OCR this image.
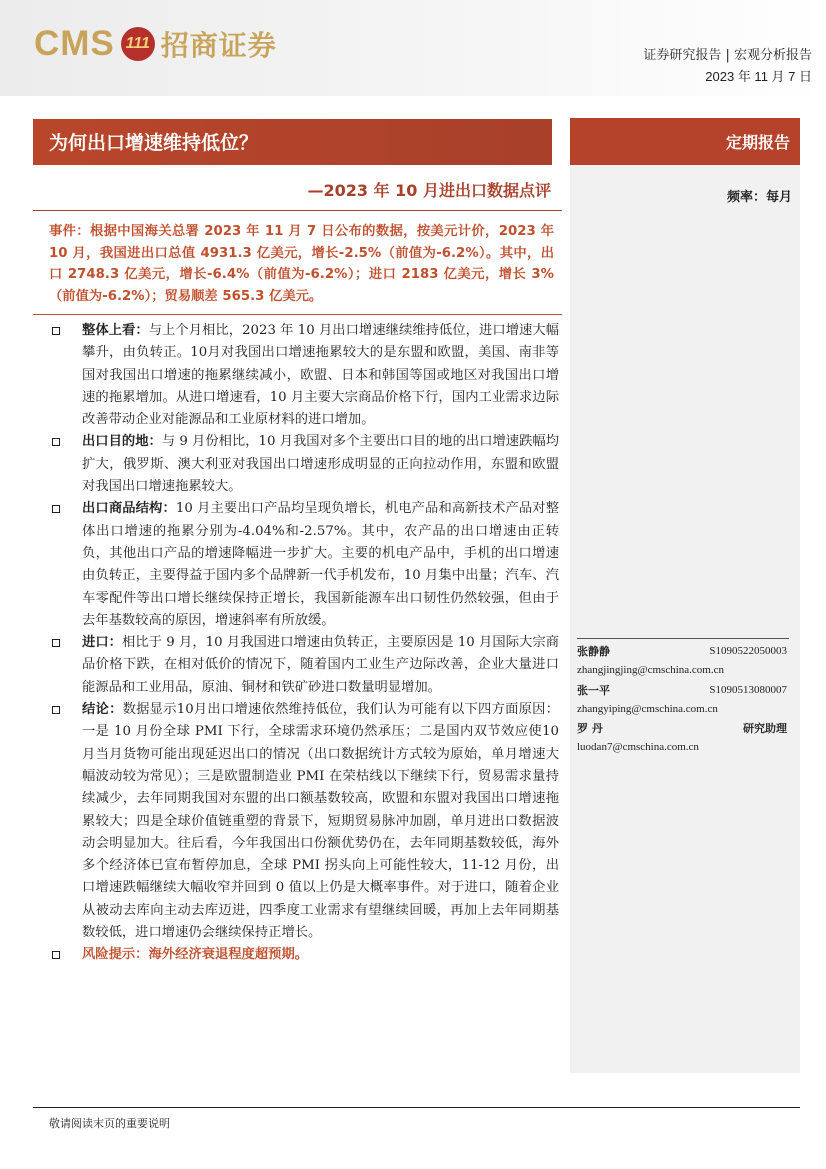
CMS 111 招商证券	证券研究报告 | 宏观分析报告
2023 年 11 月 7 日
为何出口增速维持低位？
—2023 年 10 月进出口数据点评
定期报告
频率：每月
张静静	S1090522050003
zhangjingjing@cmschina.com.cn
张一平	S1090513080007
zhangyiping@cmschina.com.cn
罗 丹	研究助理
luodan7@cmschina.com.cn
事件：根据中国海关总署 2023 年 11 月 7 日公布的数据，按美元计价，2023 年 10 月，我国进出口总值 4931.3 亿美元，增长-2.5%（前值为-6.2%）。其中，出口 2748.3 亿美元，增长-6.4%（前值为-6.2%）；进口 2183 亿美元，增长 3%（前值为-6.2%）；贸易顺差 565.3 亿美元。
整体上看：与上个月相比，2023 年 10 月出口增速继续维持低位，进口增速大幅攀升，由负转正。10月对我国出口增速拖累较大的是东盟和欧盟，美国、南非等国对我国出口增速的拖累继续减小，欧盟、日本和韩国等国或地区对我国出口增速的拖累增加。从进口增速看，10 月主要大宗商品价格下行，国内工业需求边际改善带动企业对能源品和工业原材料的进口增加。
出口目的地：与 9 月份相比，10 月我国对多个主要出口目的地的出口增速跌幅均扩大，俄罗斯、澳大利亚对我国出口增速形成明显的正向拉动作用，东盟和欧盟对我国出口增速拖累较大。
出口商品结构：10 月主要出口产品均呈现负增长，机电产品和高新技术产品对整体出口增速的拖累分别为-4.04%和-2.57%。其中，农产品的出口增速由正转负，其他出口产品的增速降幅进一步扩大。主要的机电产品中，手机的出口增速由负转正，主要得益于国内多个品牌新一代手机发布，10 月集中出量；汽车、汽车零配件等出口增长继续保持正增长，我国新能源车出口韧性仍然较强，但由于去年基数较高的原因，增速斜率有所放缓。
进口：相比于 9 月，10 月我国进口增速由负转正，主要原因是 10 月国际大宗商品价格下跌，在相对低价的情况下，随着国内工业生产边际改善，企业大量进口能源品和工业用品，原油、铜材和铁矿砂进口数量明显增加。
结论：数据显示10月出口增速依然维持低位，我们认为可能有以下四方面原因：一是 10 月份全球 PMI 下行，全球需求环境仍然承压；二是国内双节效应使10月当月货物可能出现延迟出口的情况（出口数据统计方式较为原始，单月增速大幅波动较为常见）；三是欧盟制造业 PMI 在荣枯线以下继续下行，贸易需求量持续减少，去年同期我国对东盟的出口额基数较高，欧盟和东盟对我国出口增速拖累较大；四是全球价值链重塑的背景下，短期贸易脉冲加剧，单月进出口数据波动会明显加大。往后看，今年我国出口份额优势仍在，去年同期基数较低，海外多个经济体已宣布暂停加息，全球 PMI 拐头向上可能性较大，11-12 月份，出口增速跌幅继续大幅收窄并回到 0 值以上仍是大概率事件。对于进口，随着企业从被动去库向主动去库迈进，四季度工业需求有望继续回暖，再加上去年同期基数较低，进口增速仍会继续保持正增长。
风险提示：海外经济衰退程度超预期。
敬请阅读末页的重要说明
